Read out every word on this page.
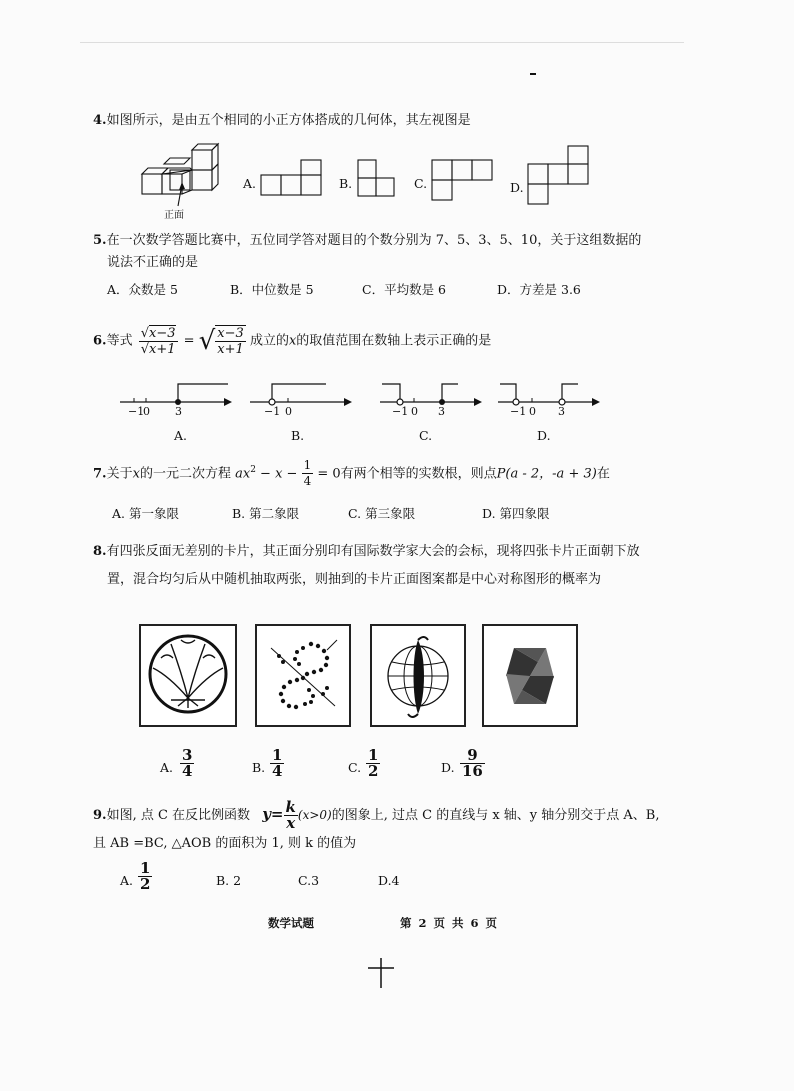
4.如图所示，是由五个相同的小正方体搭成的几何体，其左视图是
正面
A.	B.	C.	D.
5.在一次数学答题比赛中，五位同学答对题目的个数分别为 7、5、3、5、10，关于这组数据的
说法不正确的是
A．众数是 5	B．中位数是 5	C．平均数是 6	D．方差是 3.6
6.等式 $\frac{√x-3}{√x+1}$ = √ $\frac{x-3}{x+1}$ 成立的x的取值范围在数轴上表示正确的是
−1
0 3
A.
−1 0
B.
−1 0 3
C.
−1 0 3
D.
7.关于x的一元二次方程 $ax^2 - x - \frac{1}{4} = 0$有两个相等的实数根，则点P(a - 2，-a + 3)在
A. 第一象限	B. 第二象限	C. 第三象限	D. 第四象限
8.有四张反面无差别的卡片，其正面分别印有国际数学家大会的会标，现将四张卡片正面朝下放
置，混合均匀后从中随机抽取两张，则抽到的卡片正面图案都是中心对称图形的概率为
A. $\frac{3}{4}$	B. $\frac{1}{4}$	C. $\frac{1}{2}$	D. $\frac{9}{16}$
9.如图, 点 C 在反比例函数 $y= \frac{k}{x} (x>0)$的图象上, 过点 C 的直线与 x 轴、y 轴分别交于点 A、B,
且 AB =BC, △AOB 的面积为 1, 则 k 的值为
A. $\frac{1}{2}$	B. 2	C.3	D.4
数学试题	第 2 页 共 6 页
